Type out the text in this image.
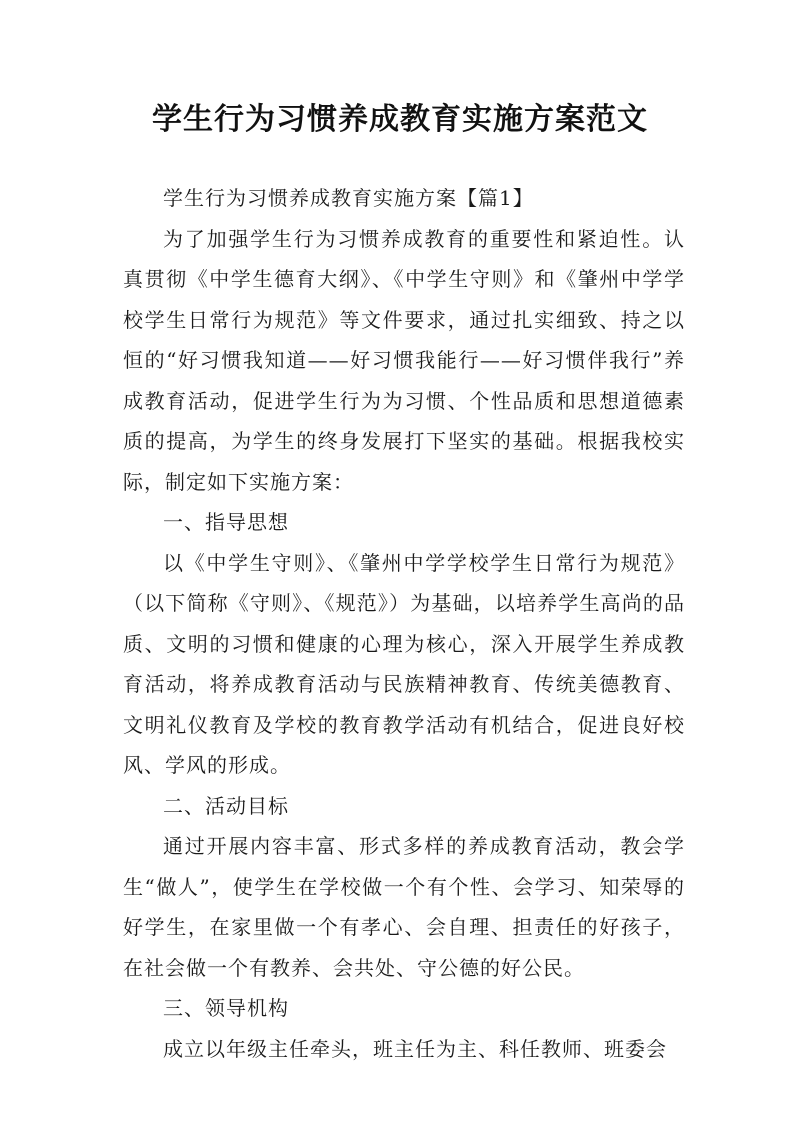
学生行为习惯养成教育实施方案范文

学生行为习惯养成教育实施方案【篇1】

为了加强学生行为习惯养成教育的重要性和紧迫性。认真贯彻《中学生德育大纲》、《中学生守则》和《肇州中学学校学生日常行为规范》等文件要求，通过扎实细致、持之以恒的“好习惯我知道——好习惯我能行——好习惯伴我行”养成教育活动，促进学生行为为习惯、个性品质和思想道德素质的提高，为学生的终身发展打下坚实的基础。根据我校实际，制定如下实施方案：

一、指导思想

以《中学生守则》、《肇州中学学校学生日常行为规范》（以下简称《守则》、《规范》）为基础，以培养学生高尚的品质、文明的习惯和健康的心理为核心，深入开展学生养成教育活动，将养成教育活动与民族精神教育、传统美德教育、文明礼仪教育及学校的教育教学活动有机结合，促进良好校风、学风的形成。

二、活动目标

通过开展内容丰富、形式多样的养成教育活动，教会学生“做人”，使学生在学校做一个有个性、会学习、知荣辱的好学生，在家里做一个有孝心、会自理、担责任的好孩子，在社会做一个有教养、会共处、守公德的好公民。

三、领导机构

成立以年级主任牵头，班主任为主、科任教师、班委会
